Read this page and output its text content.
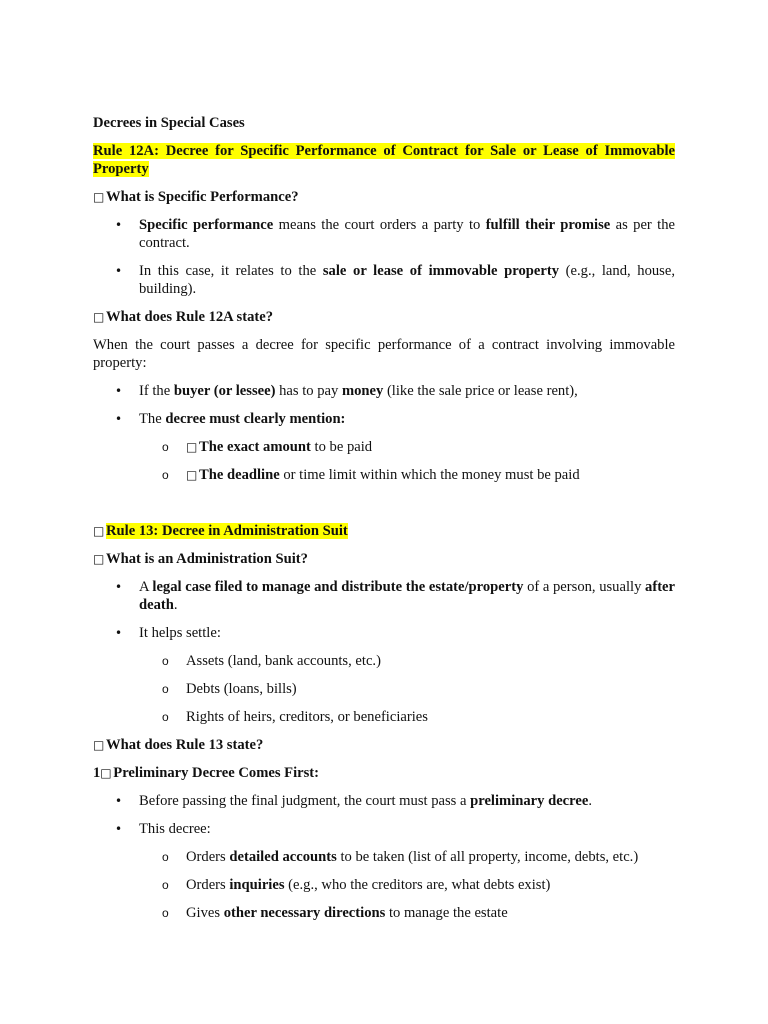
Decrees in Special Cases

Rule 12A: Decree for Specific Performance of Contract for Sale or Lease of Immovable Property

□ What is Specific Performance?

• Specific performance means the court orders a party to fulfill their promise as per the contract.
• In this case, it relates to the sale or lease of immovable property (e.g., land, house, building).

□ What does Rule 12A state?

When the court passes a decree for specific performance of a contract involving immovable property:

• If the buyer (or lessee) has to pay money (like the sale price or lease rent),
• The decree must clearly mention:
o □ The exact amount to be paid
o □ The deadline or time limit within which the money must be paid

□ Rule 13: Decree in Administration Suit

□ What is an Administration Suit?

• A legal case filed to manage and distribute the estate/property of a person, usually after death.
• It helps settle:
o Assets (land, bank accounts, etc.)
o Debts (loans, bills)
o Rights of heirs, creditors, or beneficiaries

□ What does Rule 13 state?

1□ Preliminary Decree Comes First:

• Before passing the final judgment, the court must pass a preliminary decree.
• This decree:
o Orders detailed accounts to be taken (list of all property, income, debts, etc.)
o Orders inquiries (e.g., who the creditors are, what debts exist)
o Gives other necessary directions to manage the estate
